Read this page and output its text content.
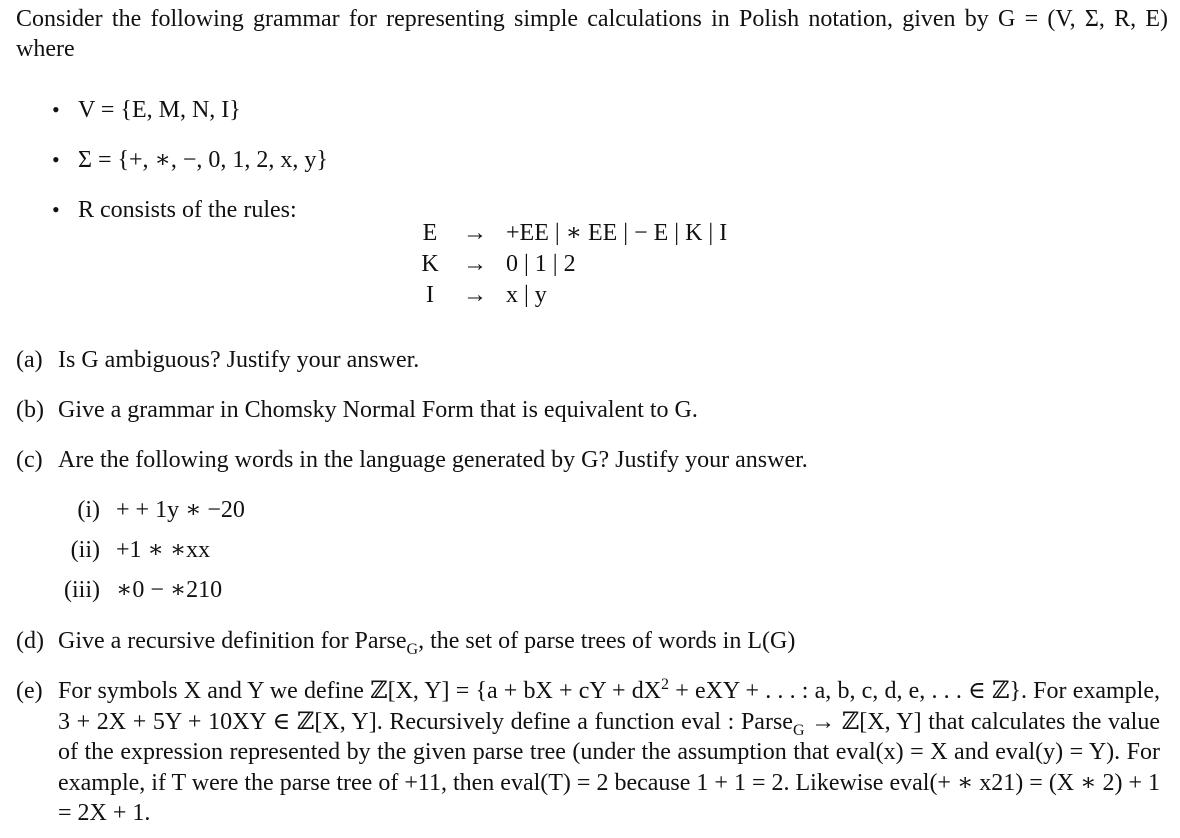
Consider the following grammar for representing simple calculations in Polish notation, given by G = (V, Σ, R, E) where
• V = {E, M, N, I}
• Σ = {+, ∗, −, 0, 1, 2, x, y}
• R consists of the rules:
E	→ +EE | ∗ EE | − E | K | I
K	→ 0 | 1 | 2
I	→ x | y
(a) Is G ambiguous? Justify your answer.
(b) Give a grammar in Chomsky Normal Form that is equivalent to G.
(c) Are the following words in the language generated by G? Justify your answer.
(i) + + 1y ∗ −20
(ii) +1 ∗ ∗xx
(iii) ∗0 − ∗210
(d) Give a recursive definition for Parse$_G$, the set of parse trees of words in L(G)
(e) For symbols X and Y we define ℤ[X, Y] = {a + bX + cY + $dX^2$ + eXY + . . . : a, b, c, d, e, . . . ∈ ℤ}. For example, 3 + 2X + 5Y + 10XY ∈ ℤ[X, Y]. Recursively define a function eval : Parse$_G$ → ℤ[X, Y] that calculates the value of the expression represented by the given parse tree (under the assumption that eval(x) = X and eval(y) = Y). For example, if T were the parse tree of +11, then eval(T) = 2 because 1 + 1 = 2. Likewise eval(+ ∗ x21) = (X ∗ 2) + 1 = 2X + 1.
